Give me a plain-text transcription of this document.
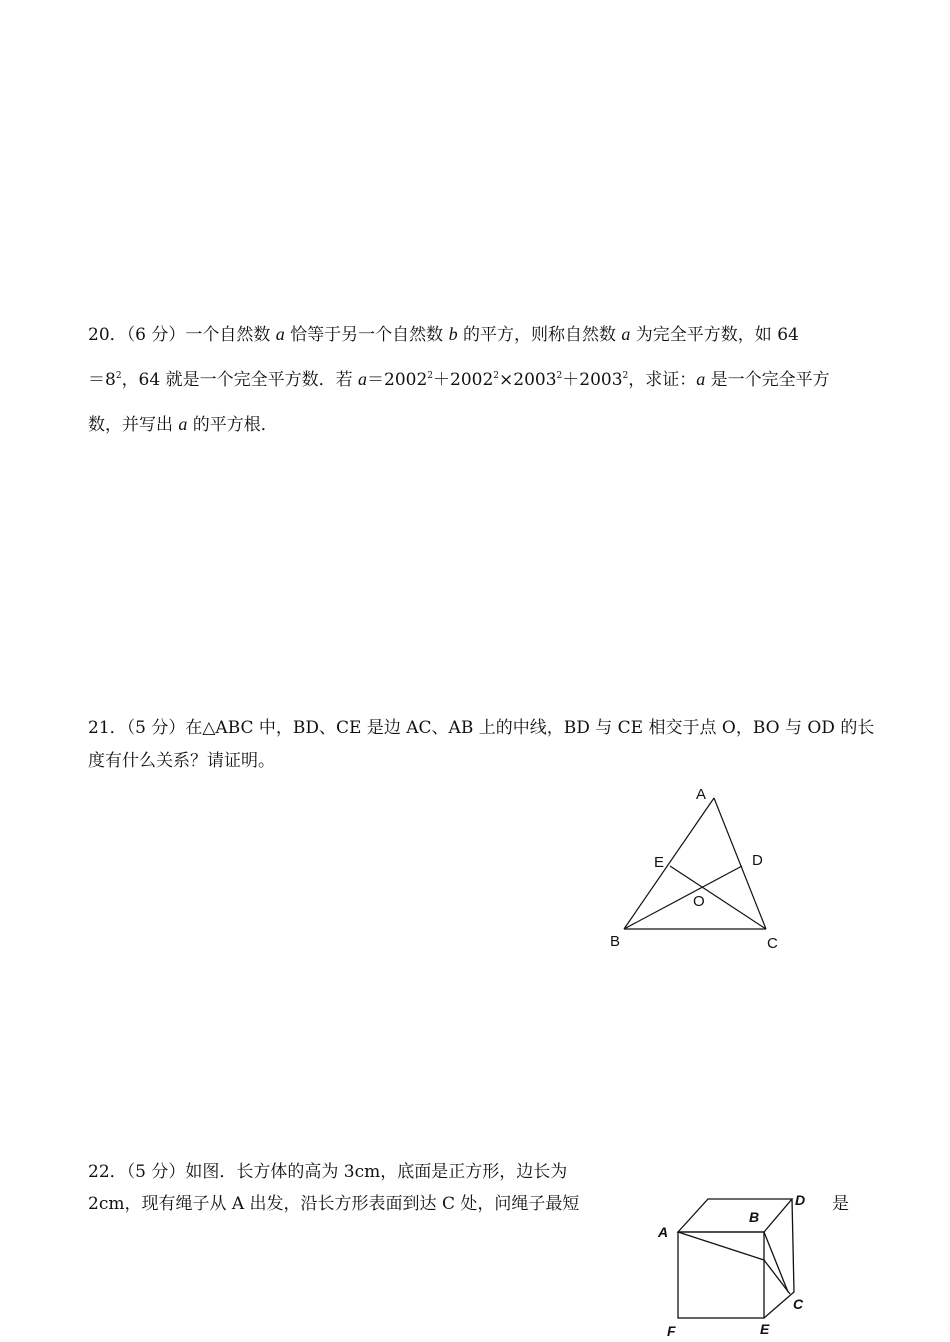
20．（6 分）一个自然数 a 恰等于另一个自然数 b 的平方，则称自然数 a 为完全平方数，如 64
$=8^2$，64 就是一个完全平方数．若 $a=2002^2+2002^2\times 2003^2+2003^2$，求证：a 是一个完全平方
数，并写出 a 的平方根．
21．（5 分）在△ABC 中，BD、CE 是边 AC、AB 上的中线，BD 与 CE 相交于点 O，BO 与 OD 的长
度有什么关系？请证明。
A
E	D
O
B	C
22．（5 分）如图．长方体的高为 3cm，底面是正方形，边长为
2cm，现有绳子从 A 出发，沿长方形表面到达 C 处，问绳子最短	是
A
B
D
C
F	E
